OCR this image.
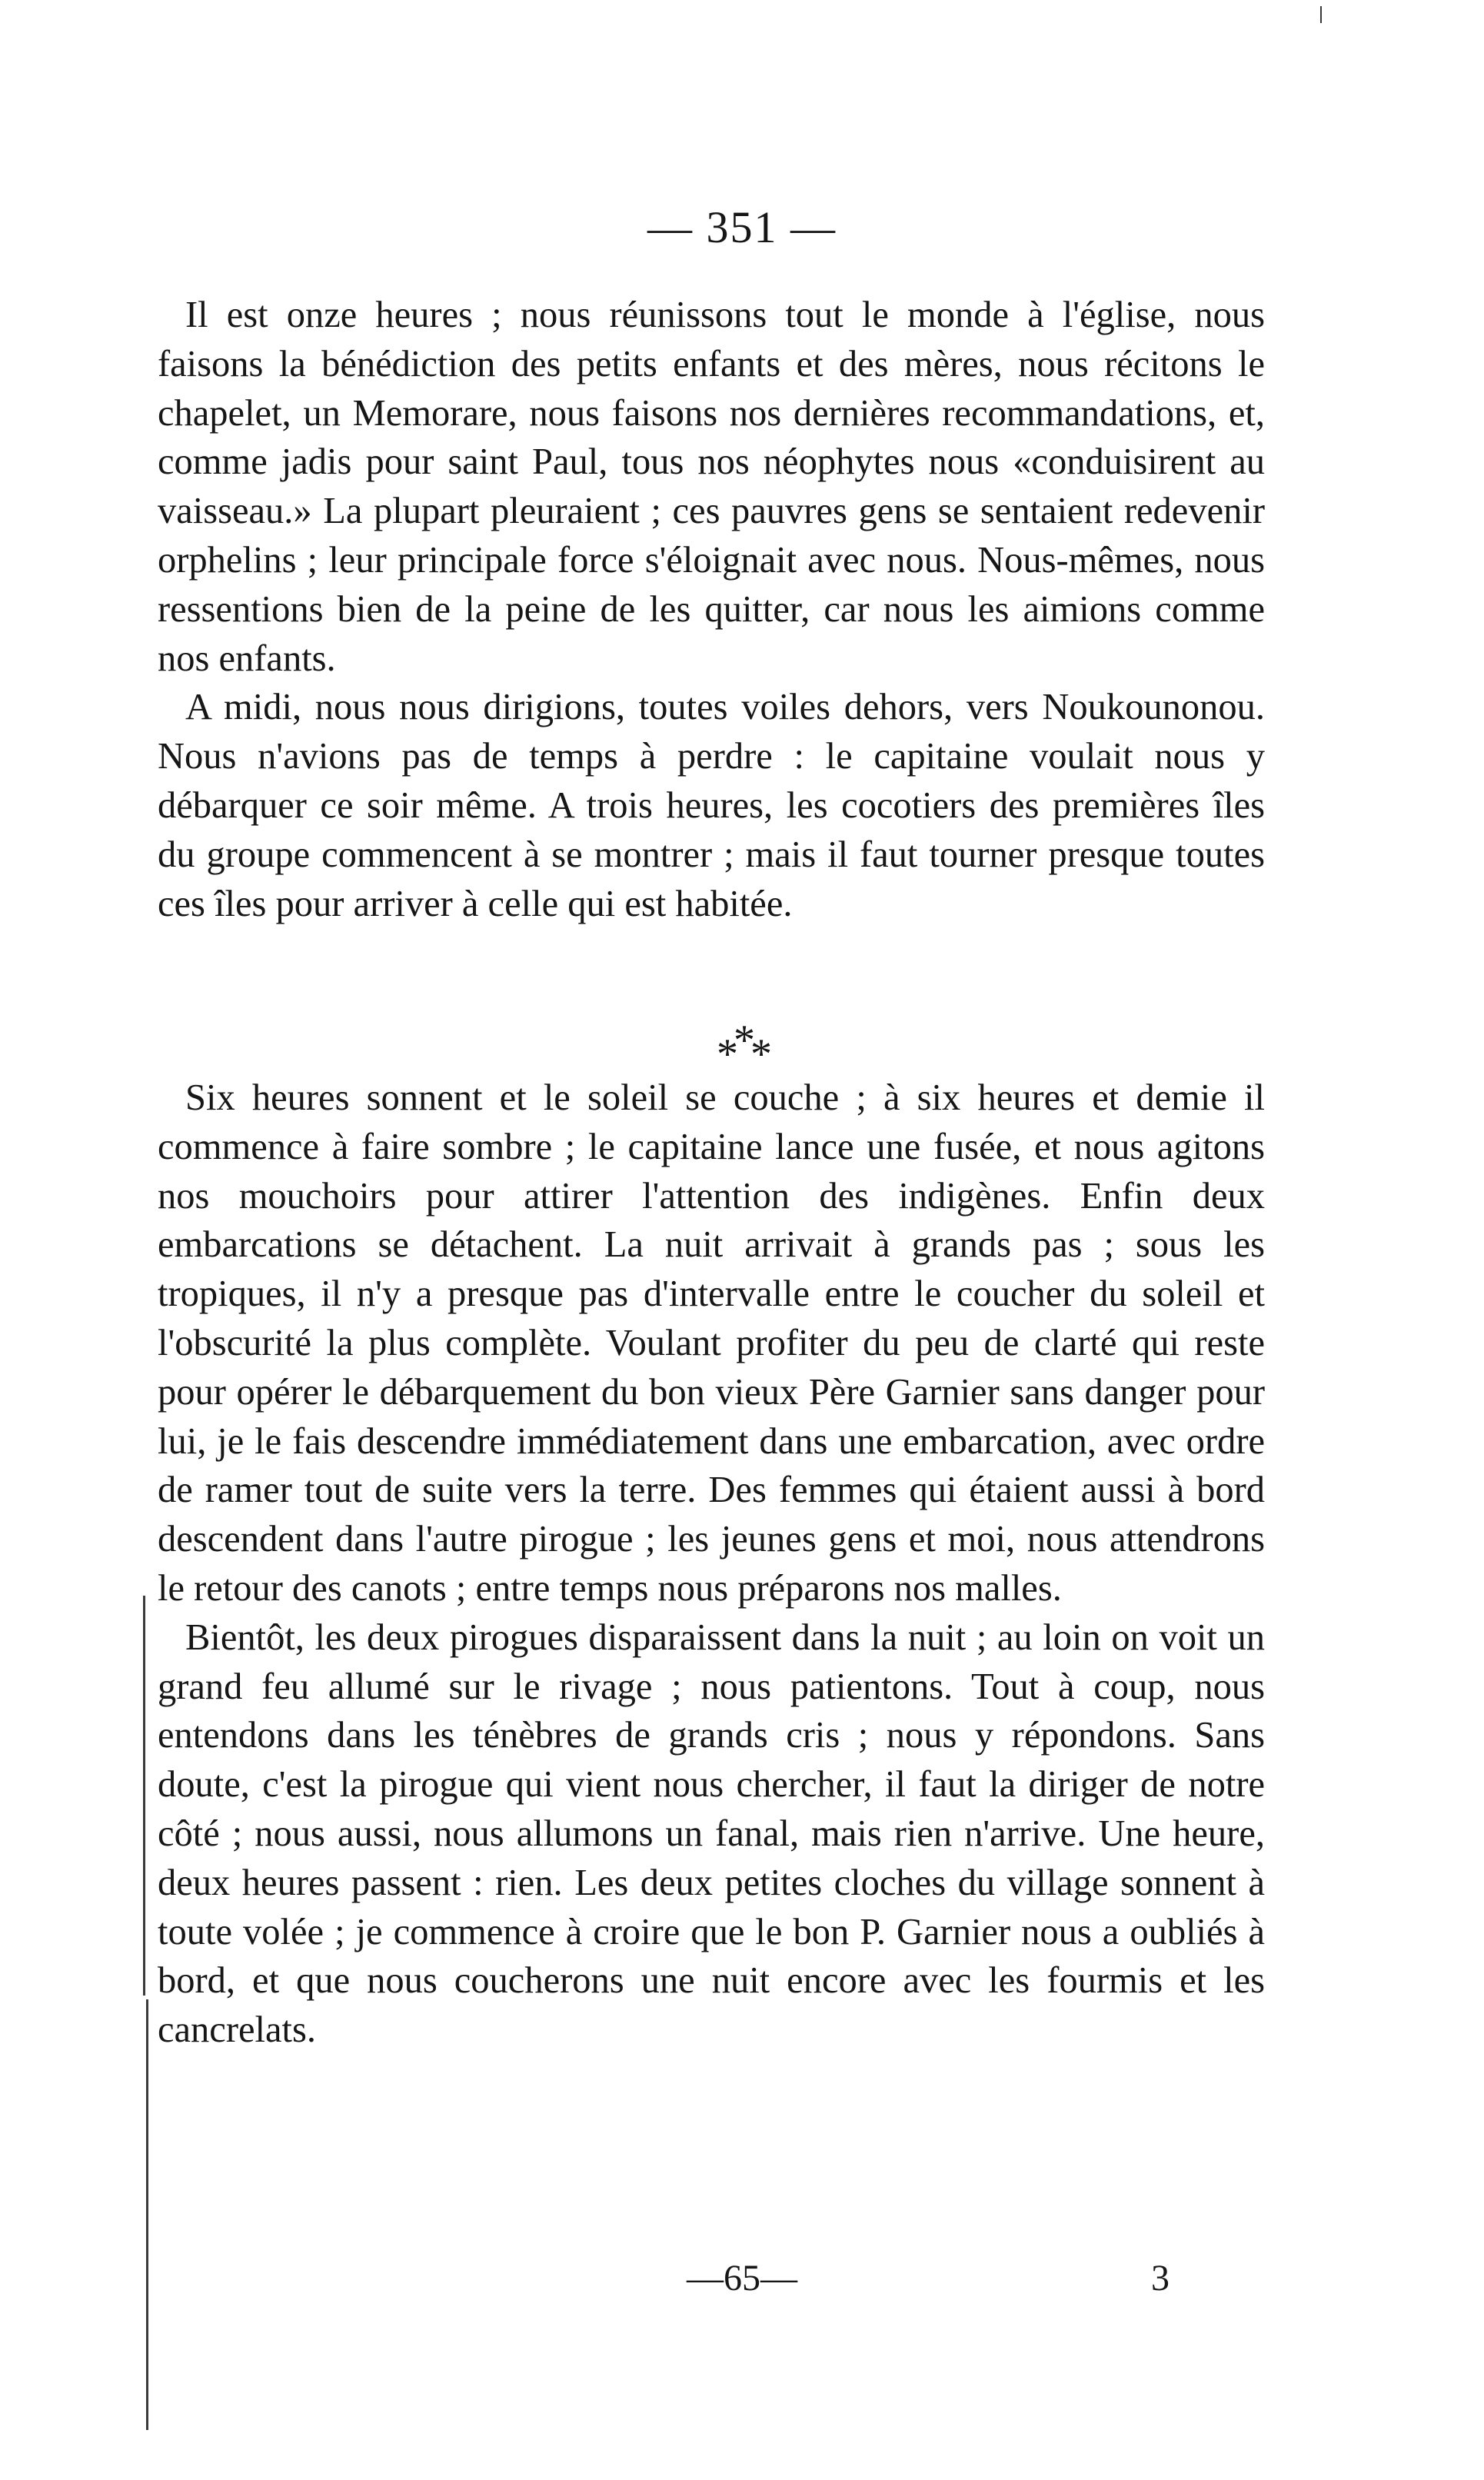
— 351 —

Il est onze heures ; nous réunissons tout le monde à l'église, nous faisons la bénédiction des petits enfants et des mères, nous récitons le chapelet, un Memorare, nous faisons nos dernières recommandations, et, comme jadis pour saint Paul, tous nos néophytes nous «conduisirent au vaisseau.» La plupart pleuraient ; ces pauvres gens se sentaient redevenir orphelins ; leur principale force s'éloignait avec nous. Nous-mêmes, nous ressentions bien de la peine de les quitter, car nous les aimions comme nos enfants.

A midi, nous nous dirigions, toutes voiles dehors, vers Noukounonou. Nous n'avions pas de temps à perdre : le capitaine voulait nous y débarquer ce soir même. A trois heures, les cocotiers des premières îles du groupe commencent à se montrer ; mais il faut tourner presque toutes ces îles pour arriver à celle qui est habitée.

***

Six heures sonnent et le soleil se couche ; à six heures et demie il commence à faire sombre ; le capitaine lance une fusée, et nous agitons nos mouchoirs pour attirer l'attention des indigènes. Enfin deux embarcations se détachent. La nuit arrivait à grands pas ; sous les tropiques, il n'y a presque pas d'intervalle entre le coucher du soleil et l'obscurité la plus complète. Voulant profiter du peu de clarté qui reste pour opérer le débarquement du bon vieux Père Garnier sans danger pour lui, je le fais descendre immédiatement dans une embarcation, avec ordre de ramer tout de suite vers la terre. Des femmes qui étaient aussi à bord descendent dans l'autre pirogue ; les jeunes gens et moi, nous attendrons le retour des canots ; entre temps nous préparons nos malles.

Bientôt, les deux pirogues disparaissent dans la nuit ; au loin on voit un grand feu allumé sur le rivage ; nous patientons. Tout à coup, nous entendons dans les ténèbres de grands cris ; nous y répondons. Sans doute, c'est la pirogue qui vient nous chercher, il faut la diriger de notre côté ; nous aussi, nous allumons un fanal, mais rien n'arrive. Une heure, deux heures passent : rien. Les deux petites cloches du village sonnent à toute volée ; je commence à croire que le bon P. Garnier nous a oubliés à bord, et que nous coucherons une nuit encore avec les fourmis et les cancrelats.

—65—	3
